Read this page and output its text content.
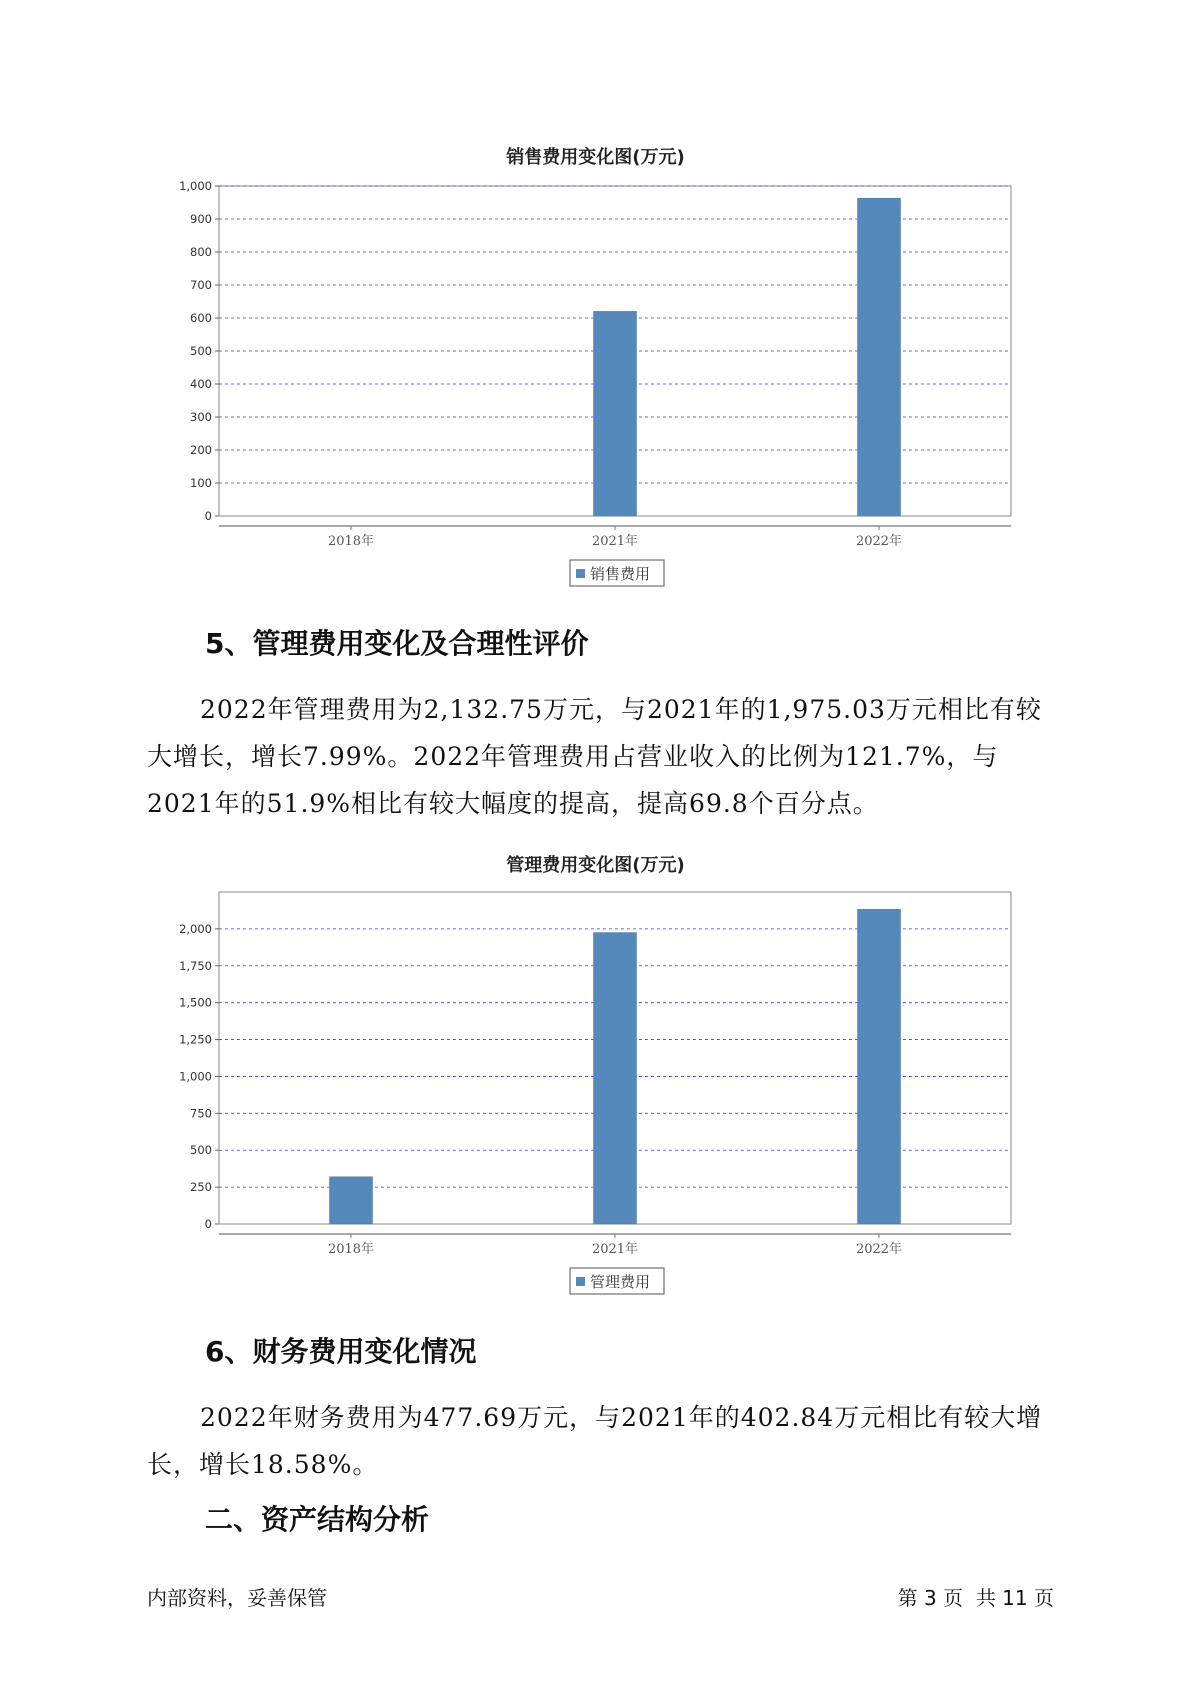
销售费用变化图(万元)
0
100
200
300
400
500
600
700
800
900
1,000
2018年	2021年	2022年
销售费用
5、管理费用变化及合理性评价

2022年管理费用为2,132.75万元，与2021年的1,975.03万元相比有较大增长，增长7.99%。2022年管理费用占营业收入的比例为121.7%，与2021年的51.9%相比有较大幅度的提高，提高69.8个百分点。

管理费用变化图(万元)
0
250
500
750
1,000
1,250
1,500
1,750
2,000
2018年	2021年	2022年
管理费用
6、财务费用变化情况

2022年财务费用为477.69万元，与2021年的402.84万元相比有较大增长，增长18.58%。

二、资产结构分析
内部资料，妥善保管	第 3 页  共 11 页
